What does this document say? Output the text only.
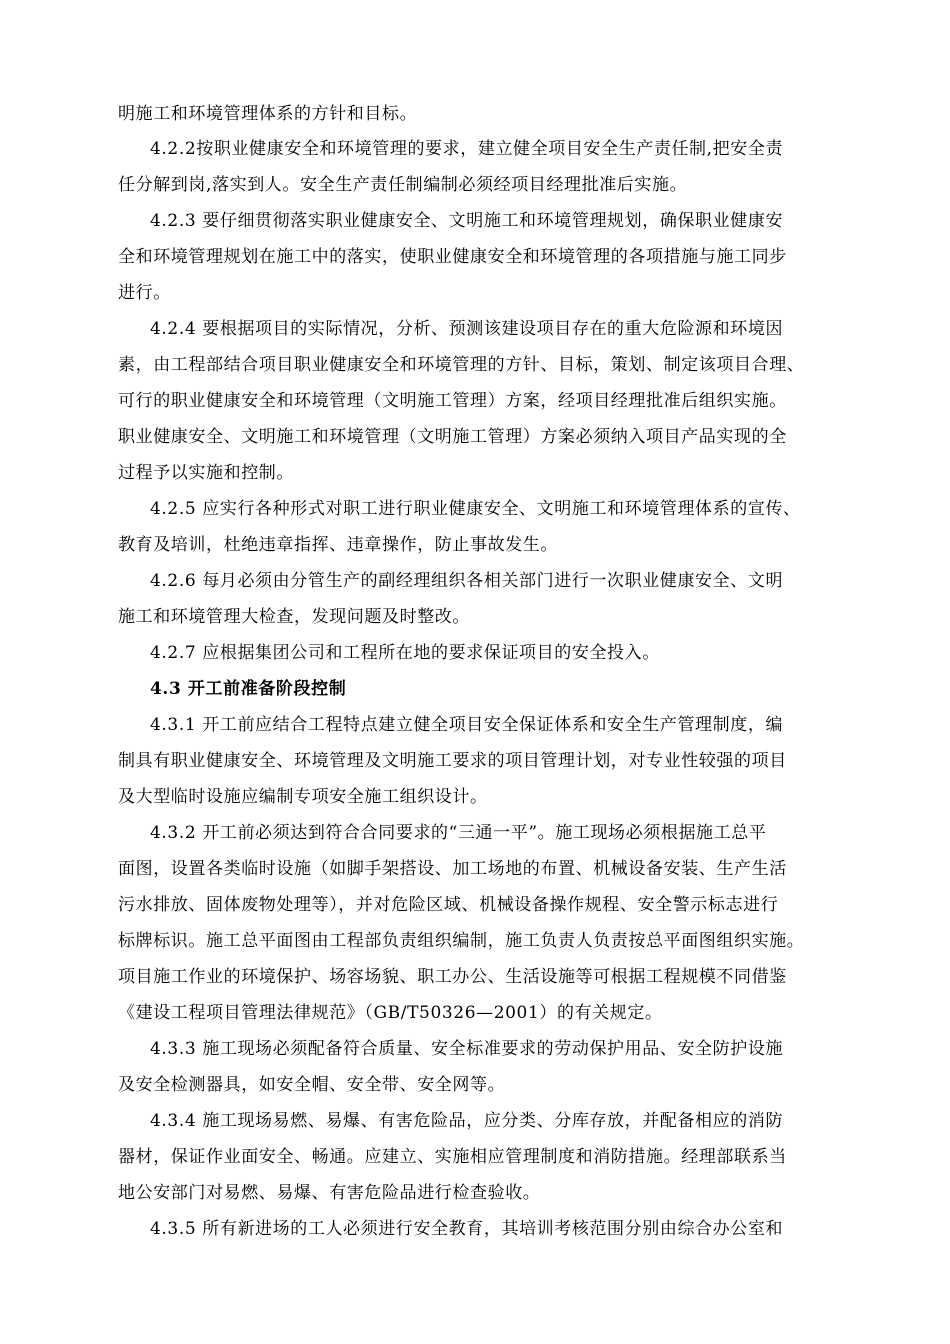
明施工和环境管理体系的方针和目标。
4.2.2按职业健康安全和环境管理的要求，建立健全项目安全生产责任制,把安全责
任分解到岗,落实到人。安全生产责任制编制必须经项目经理批准后实施。
4.2.3 要仔细贯彻落实职业健康安全、文明施工和环境管理规划，确保职业健康安
全和环境管理规划在施工中的落实，使职业健康安全和环境管理的各项措施与施工同步
进行。
4.2.4 要根据项目的实际情况，分析、预测该建设项目存在的重大危险源和环境因
素，由工程部结合项目职业健康安全和环境管理的方针、目标，策划、制定该项目合理、
可行的职业健康安全和环境管理（文明施工管理）方案，经项目经理批准后组织实施。
职业健康安全、文明施工和环境管理（文明施工管理）方案必须纳入项目产品实现的全
过程予以实施和控制。
4.2.5 应实行各种形式对职工进行职业健康安全、文明施工和环境管理体系的宣传、
教育及培训，杜绝违章指挥、违章操作，防止事故发生。
4.2.6 每月必须由分管生产的副经理组织各相关部门进行一次职业健康安全、文明
施工和环境管理大检查，发现问题及时整改。
4.2.7 应根据集团公司和工程所在地的要求保证项目的安全投入。
4.3 开工前准备阶段控制
4.3.1 开工前应结合工程特点建立健全项目安全保证体系和安全生产管理制度，编
制具有职业健康安全、环境管理及文明施工要求的项目管理计划，对专业性较强的项目
及大型临时设施应编制专项安全施工组织设计。
4.3.2 开工前必须达到符合合同要求的“三通一平”。施工现场必须根据施工总平
面图，设置各类临时设施（如脚手架搭设、加工场地的布置、机械设备安装、生产生活
污水排放、固体废物处理等），并对危险区域、机械设备操作规程、安全警示标志进行
标牌标识。施工总平面图由工程部负责组织编制，施工负责人负责按总平面图组织实施。
项目施工作业的环境保护、场容场貌、职工办公、生活设施等可根据工程规模不同借鉴
《建设工程项目管理法律规范》（GB/T50326—2001）的有关规定。
4.3.3 施工现场必须配备符合质量、安全标准要求的劳动保护用品、安全防护设施
及安全检测器具，如安全帽、安全带、安全网等。
4.3.4 施工现场易燃、易爆、有害危险品，应分类、分库存放，并配备相应的消防
器材，保证作业面安全、畅通。应建立、实施相应管理制度和消防措施。经理部联系当
地公安部门对易燃、易爆、有害危险品进行检查验收。
4.3.5 所有新进场的工人必须进行安全教育，其培训考核范围分别由综合办公室和
